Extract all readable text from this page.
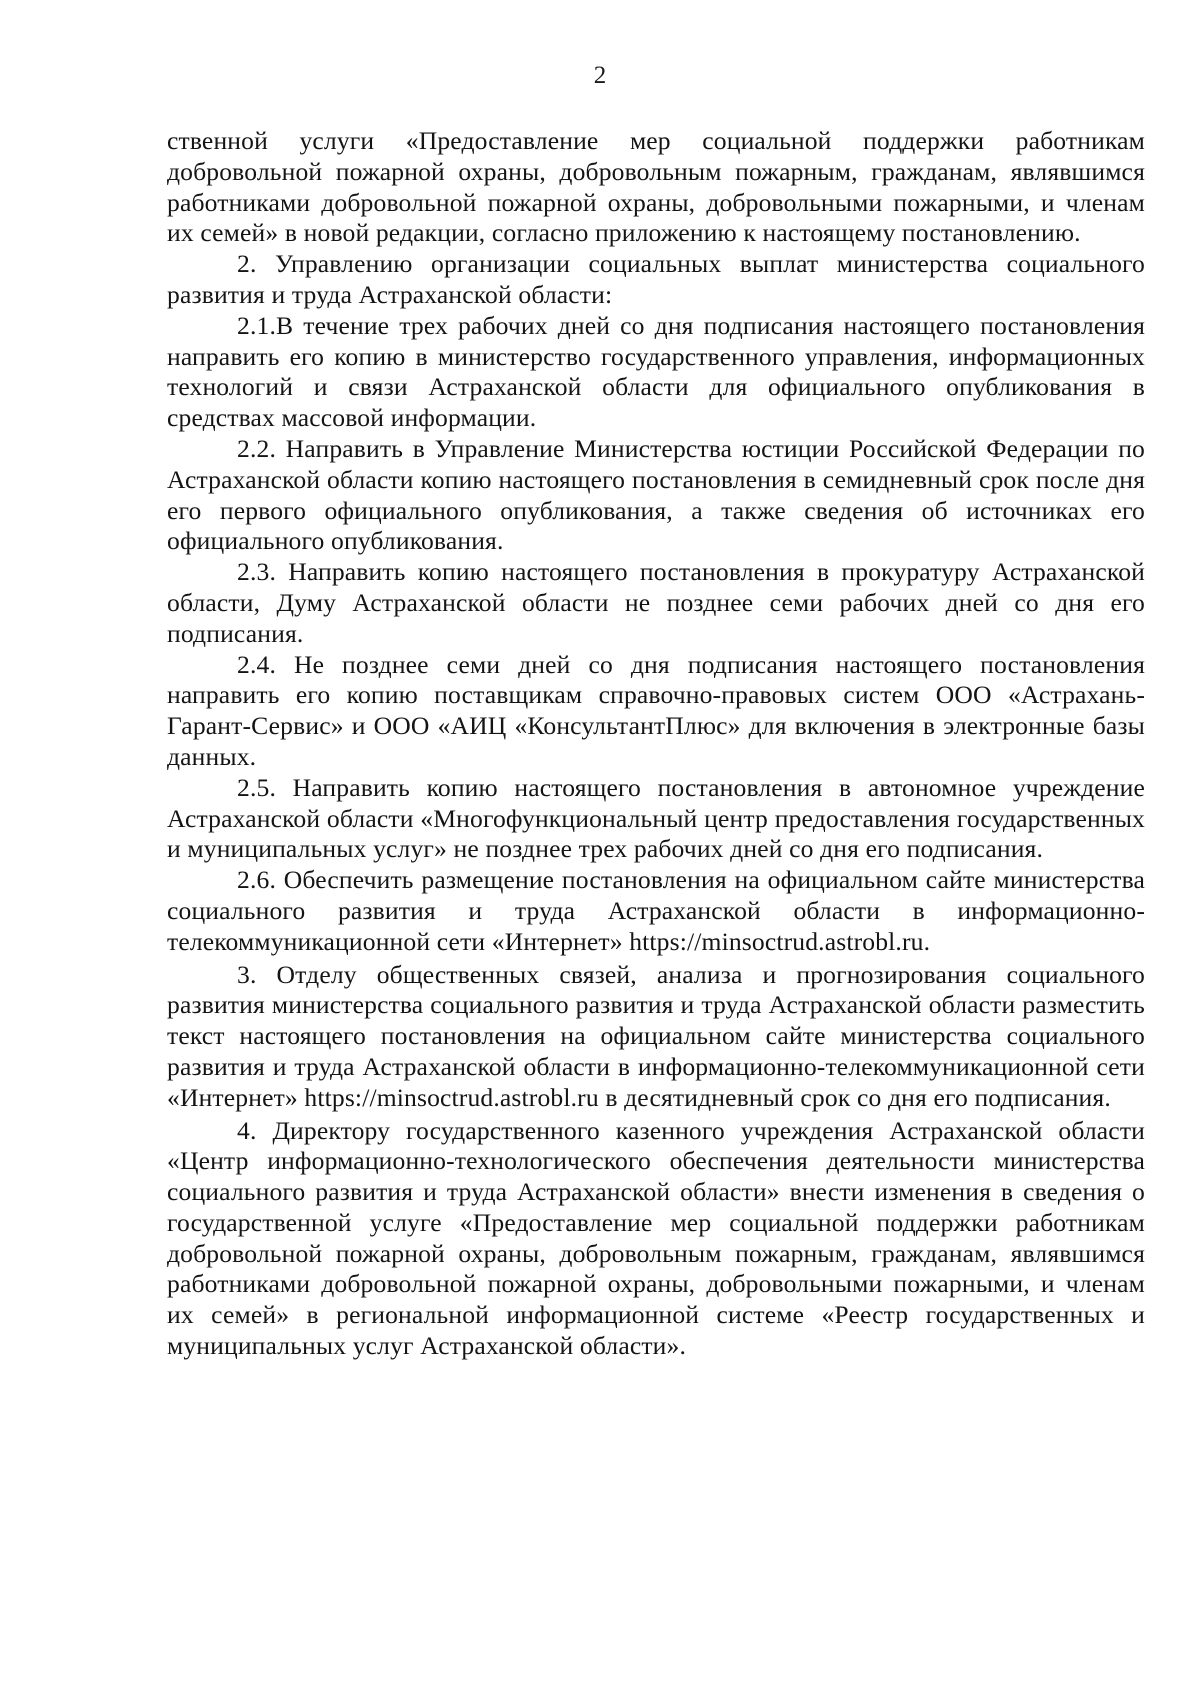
2

ственной услуги «Предоставление мер социальной поддержки работникам добровольной пожарной охраны, добровольным пожарным, гражданам, являвшимся работниками добровольной пожарной охраны, добровольными пожарными, и членам их семей» в новой редакции, согласно приложению к настоящему постановлению.

2. Управлению организации социальных выплат министерства социального развития и труда Астраханской области:

2.1.В течение трех рабочих дней со дня подписания настоящего постановления направить его копию в министерство государственного управления, информационных технологий и связи Астраханской области для официального опубликования в средствах массовой информации.

2.2. Направить в Управление Министерства юстиции Российской Федерации по Астраханской области копию настоящего постановления в семидневный срок после дня его первого официального опубликования, а также сведения об источниках его официального опубликования.

2.3. Направить копию настоящего постановления в прокуратуру Астраханской области, Думу Астраханской области не позднее семи рабочих дней со дня его подписания.

2.4. Не позднее семи дней со дня подписания настоящего постановления направить его копию поставщикам справочно-правовых систем ООО «Астрахань-Гарант-Сервис» и ООО «АИЦ «КонсультантПлюс» для включения в электронные базы данных.

2.5. Направить копию настоящего постановления в автономное учреждение Астраханской области «Многофункциональный центр предоставления государственных и муниципальных услуг» не позднее трех рабочих дней со дня его подписания.

2.6. Обеспечить размещение постановления на официальном сайте министерства социального развития и труда Астраханской области в информационно-телекоммуникационной сети «Интернет» https://minsoctrud.astrobl.ru.

3. Отделу общественных связей, анализа и прогнозирования социального развития министерства социального развития и труда Астраханской области разместить текст настоящего постановления на официальном сайте министерства социального развития и труда Астраханской области в информационно-телекоммуникационной сети «Интернет» https://minsoctrud.astrobl.ru в десятидневный срок со дня его подписания.

4. Директору государственного казенного учреждения Астраханской области «Центр информационно-технологического обеспечения деятельности министерства социального развития и труда Астраханской области» внести изменения в сведения о государственной услуге «Предоставление мер социальной поддержки работникам добровольной пожарной охраны, добровольным пожарным, гражданам, являвшимся работниками добровольной пожарной охраны, добровольными пожарными, и членам их семей» в региональной информационной системе «Реестр государственных и муниципальных услуг Астраханской области».
